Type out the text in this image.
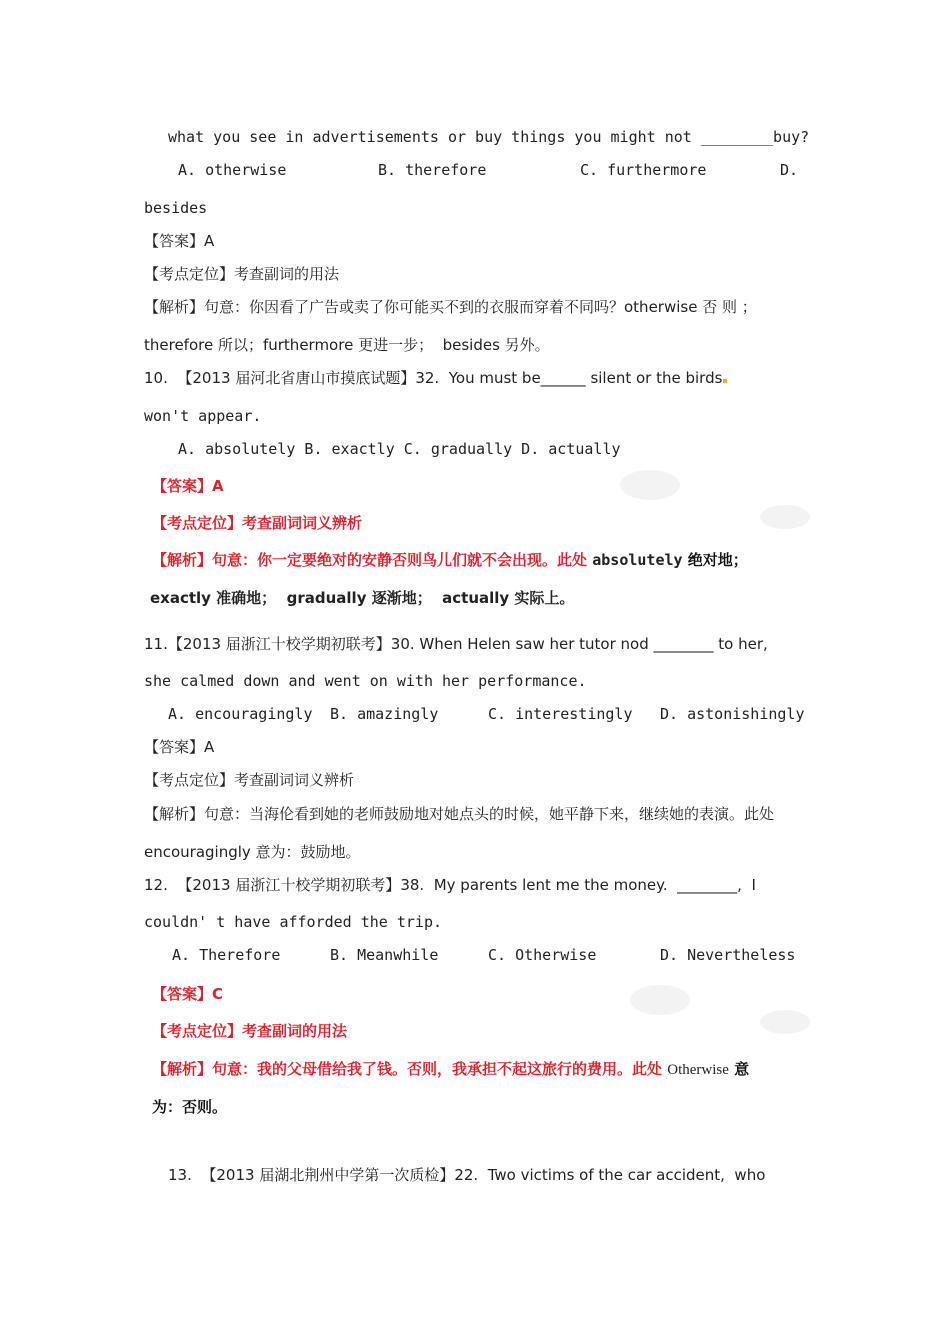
what you see in advertisements or buy things you might not ________buy?
A. otherwise	B. therefore	C. furthermore	D.
besides
【答案】A
【考点定位】考查副词的用法
【解析】句意：你因看了广告或卖了你可能买不到的衣服而穿着不同吗？otherwise 否 则 ；
therefore 所以；furthermore 更进一步；  besides 另外。
10.  【2013 届河北省唐山市摸底试题】32.  You must be______ silent or the birds
won't appear.
A. absolutely B. exactly C. gradually D. actually
【答案】A
【考点定位】考查副词词义辨析
【解析】句意：你一定要绝对的安静否则鸟儿们就不会出现。此处 absolutely 绝对地；
exactly 准确地；  gradually 逐渐地；  actually 实际上。
11.【2013 届浙江十校学期初联考】30. When Helen saw her tutor nod ________ to her,
she calmed down and went on with her performance.
A. encouragingly B. amazingly	C. interestingly D. astonishingly
【答案】A
【考点定位】考查副词词义辨析
【解析】句意：当海伦看到她的老师鼓励地对她点头的时候，她平静下来，继续她的表演。此处
encouragingly 意为：鼓励地。
12.  【2013 届浙江十校学期初联考】38.  My parents lent me the money.  ________,  I
couldn' t have afforded the trip.
A. Therefore	B. Meanwhile	C. Otherwise	D. Nevertheless
【答案】C
【考点定位】考查副词的用法
【解析】句意：我的父母借给我了钱。否则，我承担不起这旅行的费用。此处 Otherwise 意
为：否则。
13.  【2013 届湖北荆州中学第一次质检】22.  Two victims of the car accident,  who
